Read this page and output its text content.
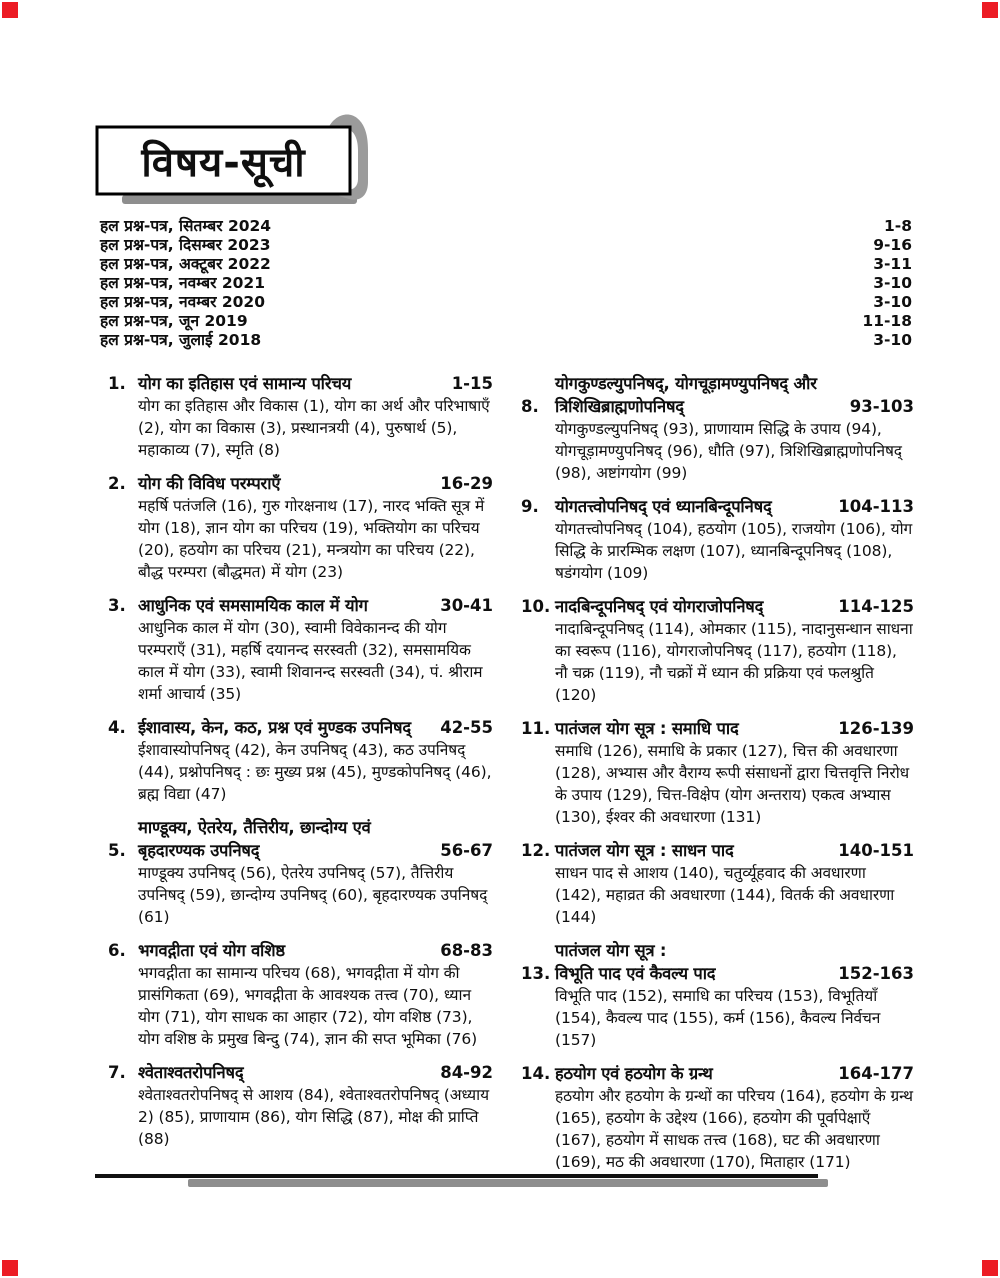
विषय-सूची
हल प्रश्न-पत्र, सितम्बर 2024	1-8
हल प्रश्न-पत्र, दिसम्बर 2023	9-16
हल प्रश्न-पत्र, अक्टूबर 2022	3-11
हल प्रश्न-पत्र, नवम्बर 2021	3-10
हल प्रश्न-पत्र, नवम्बर 2020	3-10
हल प्रश्न-पत्र, जून 2019	11-18
हल प्रश्न-पत्र, जुलाई 2018	3-10
1. योग का इतिहास एवं सामान्य परिचय	1-15
योग का इतिहास और विकास (1), योग का अर्थ और परिभाषाएँ (2), योग का विकास (3), प्रस्थानत्रयी (4), पुरुषार्थ (5), महाकाव्य (7), स्मृति (8)
2. योग की विविध परम्पराएँ	16-29
महर्षि पतंजलि (16), गुरु गोरक्षनाथ (17), नारद भक्ति सूत्र में योग (18), ज्ञान योग का परिचय (19), भक्तियोग का परिचय (20), हठयोग का परिचय (21), मन्त्रयोग का परिचय (22), बौद्ध परम्परा (बौद्धमत) में योग (23)
3. आधुनिक एवं समसामयिक काल में योग	30-41
आधुनिक काल में योग (30), स्वामी विवेकानन्द की योग परम्पराएँ (31), महर्षि दयानन्द सरस्वती (32), समसामयिक काल में योग (33), स्वामी शिवानन्द सरस्वती (34), पं. श्रीराम शर्मा आचार्य (35)
4. ईशावास्य, केन, कठ, प्रश्न एवं मुण्डक उपनिषद्	42-55
ईशावास्योपनिषद् (42), केन उपनिषद् (43), कठ उपनिषद् (44), प्रश्नोपनिषद् : छः मुख्य प्रश्न (45), मुण्डकोपनिषद् (46), ब्रह्म विद्या (47)
5.
माण्डूक्य, ऐतरेय, तैत्तिरीय, छान्दोग्य एवं
बृहदारण्यक उपनिषद्	56-67
माण्डूक्य उपनिषद् (56), ऐतरेय उपनिषद् (57), तैत्तिरीय उपनिषद् (59), छान्दोग्य उपनिषद् (60), बृहदारण्यक उपनिषद् (61)
6. भगवद्गीता एवं योग वशिष्ठ	68-83
भगवद्गीता का सामान्य परिचय (68), भगवद्गीता में योग की प्रासंगिकता (69), भगवद्गीता के आवश्यक तत्त्व (70), ध्यान योग (71), योग साधक का आहार (72), योग वशिष्ठ (73), योग वशिष्ठ के प्रमुख बिन्दु (74), ज्ञान की सप्त भूमिका (76)
7. श्वेताश्वतरोपनिषद्	84-92
श्वेताश्वतरोपनिषद् से आशय (84), श्वेताश्वतरोपनिषद् (अध्याय 2) (85), प्राणायाम (86), योग सिद्धि (87), मोक्ष की प्राप्ति (88)
8.
योगकुण्डल्युपनिषद्, योगचूड़ामण्युपनिषद् और
त्रिशिखिब्राह्मणोपनिषद्	93-103
योगकुण्डल्युपनिषद् (93), प्राणायाम सिद्धि के उपाय (94), योगचूड़ामण्युपनिषद् (96), धौति (97), त्रिशिखिब्राह्मणोपनिषद् (98), अष्टांगयोग (99)
9. योगतत्त्वोपनिषद् एवं ध्यानबिन्दूपनिषद्	104-113
योगतत्त्वोपनिषद् (104), हठयोग (105), राजयोग (106), योग सिद्धि के प्रारम्भिक लक्षण (107), ध्यानबिन्दूपनिषद् (108), षडंगयोग (109)
10. नादबिन्दूपनिषद् एवं योगराजोपनिषद्	114-125
नादाबिन्दूपनिषद् (114), ओमकार (115), नादानुसन्धान साधना का स्वरूप (116), योगराजोपनिषद् (117), हठयोग (118), नौ चक्र (119), नौ चक्रों में ध्यान की प्रक्रिया एवं फलश्रुति (120)
11. पातंजल योग सूत्र : समाधि पाद	126-139
समाधि (126), समाधि के प्रकार (127), चित्त की अवधारणा (128), अभ्यास और वैराग्य रूपी संसाधनों द्वारा चित्तवृत्ति निरोध के उपाय (129), चित्त-विक्षेप (योग अन्तराय) एकत्व अभ्यास (130), ईश्वर की अवधारणा (131)
12. पातंजल योग सूत्र : साधन पाद	140-151
साधन पाद से आशय (140), चतुर्व्यूहवाद की अवधारणा (142), महाव्रत की अवधारणा (144), वितर्क की अवधारणा (144)
13.
पातंजल योग सूत्र :
विभूति पाद एवं कैवल्य पाद	152-163
विभूति पाद (152), समाधि का परिचय (153), विभूतियाँ (154), कैवल्य पाद (155), कर्म (156), कैवल्य निर्वचन (157)
14. हठयोग एवं हठयोग के ग्रन्थ	164-177
हठयोग और हठयोग के ग्रन्थों का परिचय (164), हठयोग के ग्रन्थ (165), हठयोग के उद्देश्य (166), हठयोग की पूर्वापेक्षाएँ (167), हठयोग में साधक तत्त्व (168), घट की अवधारणा (169), मठ की अवधारणा (170), मिताहार (171)
